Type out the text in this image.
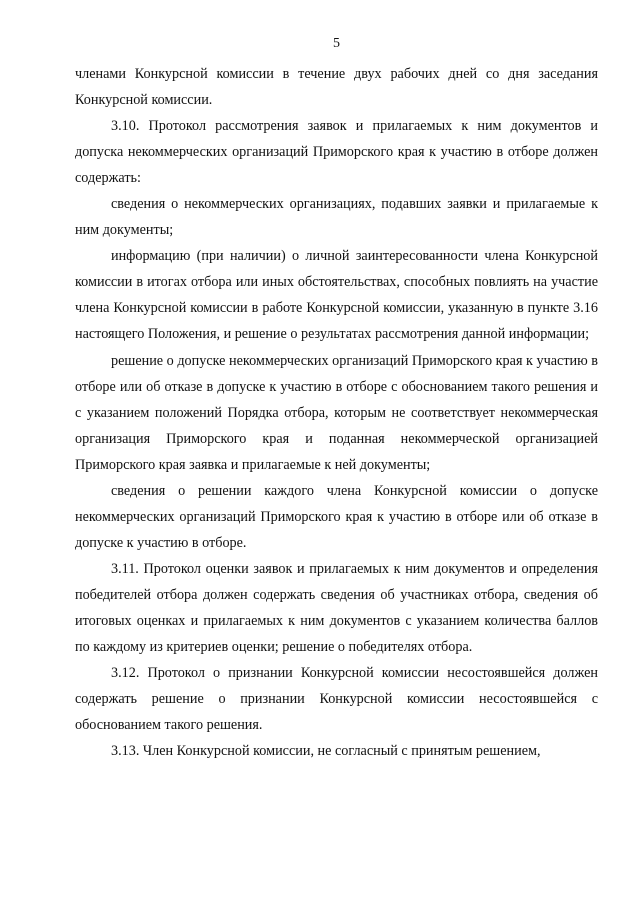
5

членами Конкурсной комиссии в течение двух рабочих дней со дня заседания Конкурсной комиссии.

3.10. Протокол рассмотрения заявок и прилагаемых к ним документов и допуска некоммерческих организаций Приморского края к участию в отборе должен содержать:

сведения о некоммерческих организациях, подавших заявки и прилагаемые к ним документы;

информацию (при наличии) о личной заинтересованности члена Конкурсной комиссии в итогах отбора или иных обстоятельствах, способных повлиять на участие члена Конкурсной комиссии в работе Конкурсной комиссии, указанную в пункте 3.16 настоящего Положения, и решение о результатах рассмотрения данной информации;

решение о допуске некоммерческих организаций Приморского края к участию в отборе или об отказе в допуске к участию в отборе с обоснованием такого решения и с указанием положений Порядка отбора, которым не соответствует некоммерческая организация Приморского края и поданная некоммерческой организацией Приморского края заявка и прилагаемые к ней документы;

сведения о решении каждого члена Конкурсной комиссии о допуске некоммерческих организаций Приморского края к участию в отборе или об отказе в допуске к участию в отборе.

3.11. Протокол оценки заявок и прилагаемых к ним документов и определения победителей отбора должен содержать сведения об участниках отбора, сведения об итоговых оценках и прилагаемых к ним документов с указанием количества баллов по каждому из критериев оценки; решение о победителях отбора.

3.12. Протокол о признании Конкурсной комиссии несостоявшейся должен содержать решение о признании Конкурсной комиссии несостоявшейся с обоснованием такого решения.

3.13. Член Конкурсной комиссии, не согласный с принятым решением,
